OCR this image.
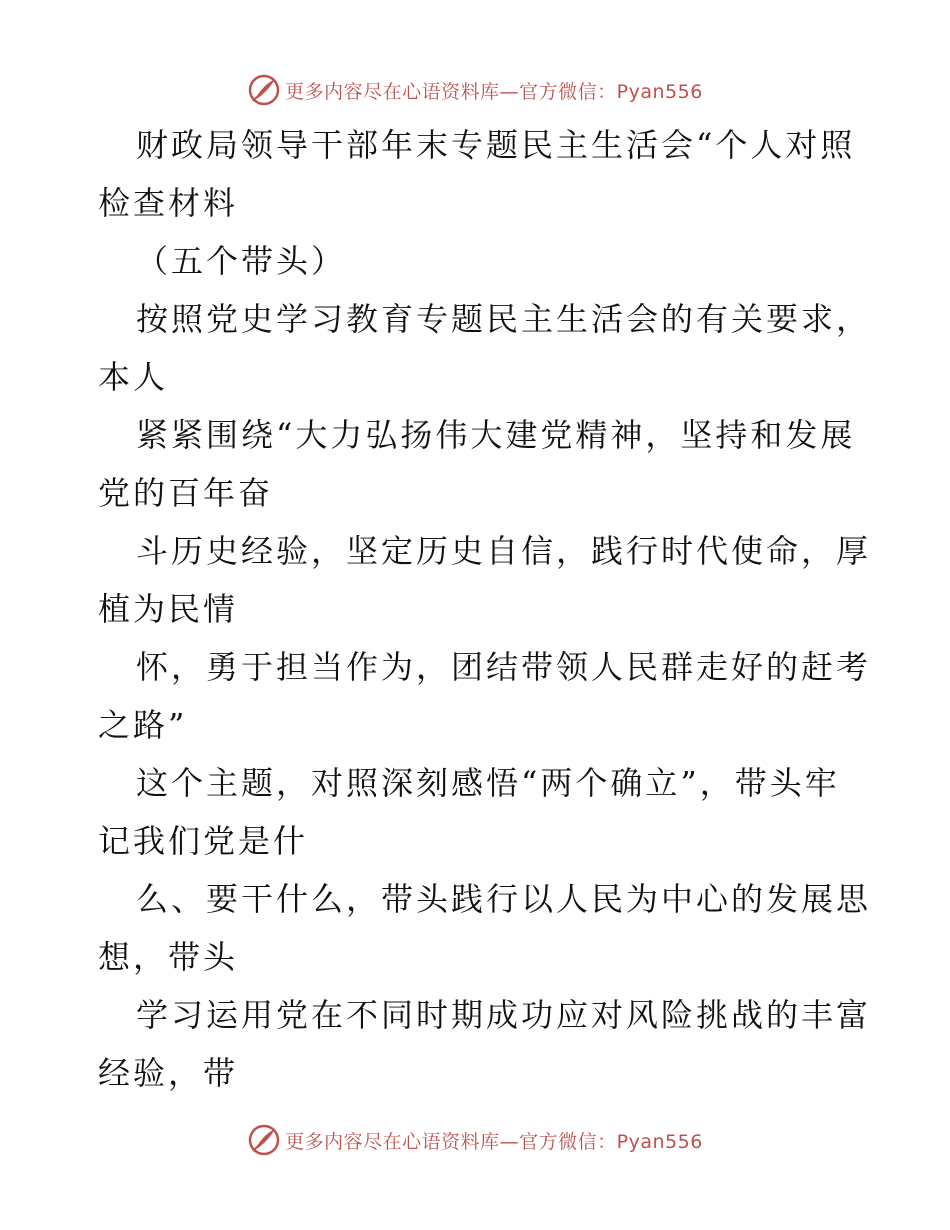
更多内容尽在心语资料库—官方微信：Pyan556
财政局领导干部年末专题民主生活会“个人对照
检查材料
（五个带头）
按照党史学习教育专题民主生活会的有关要求，
本人
紧紧围绕“大力弘扬伟大建党精神，坚持和发展
党的百年奋
斗历史经验，坚定历史自信，践行时代使命，厚
植为民情
怀，勇于担当作为，团结带领人民群走好的赶考
之路”
这个主题，对照深刻感悟“两个确立”，带头牢
记我们党是什
么、要干什么，带头践行以人民为中心的发展思
想，带头
学习运用党在不同时期成功应对风险挑战的丰富
经验，带
更多内容尽在心语资料库—官方微信：Pyan556
